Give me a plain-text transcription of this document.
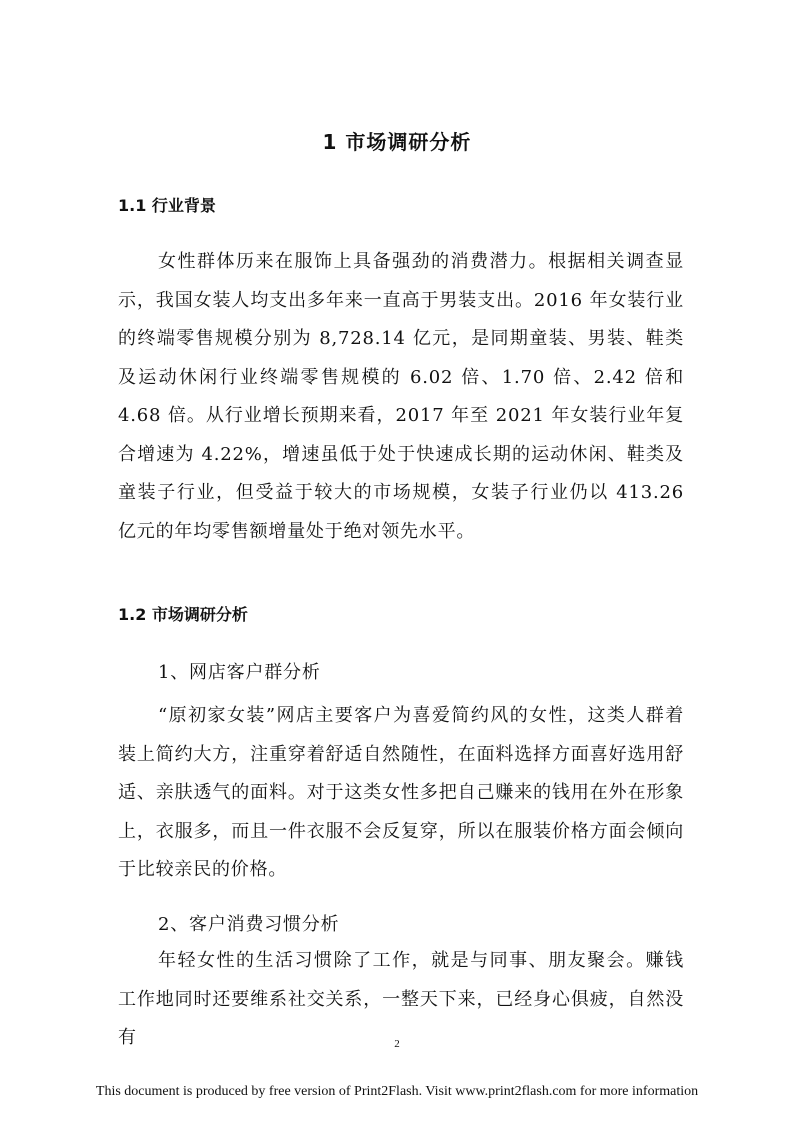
1 市场调研分析
1.1 行业背景

女性群体历来在服饰上具备强劲的消费潜力。根据相关调查显示，我国女装人均支出多年来一直高于男装支出。2016 年女装行业的终端零售规模分别为 8,728.14 亿元，是同期童装、男装、鞋类及运动休闲行业终端零售规模的 6.02 倍、1.70 倍、2.42 倍和 4.68 倍。从行业增长预期来看，2017 年至 2021 年女装行业年复合增速为 4.22%，增速虽低于处于快速成长期的运动休闲、鞋类及童装子行业，但受益于较大的市场规模，女装子行业仍以 413.26 亿元的年均零售额增量处于绝对领先水平。

1.2 市场调研分析

1、网店客户群分析

“原初家女装”网店主要客户为喜爱简约风的女性，这类人群着装上简约大方，注重穿着舒适自然随性，在面料选择方面喜好选用舒适、亲肤透气的面料。对于这类女性多把自己赚来的钱用在外在形象上，衣服多，而且一件衣服不会反复穿，所以在服装价格方面会倾向于比较亲民的价格。

2、客户消费习惯分析

年轻女性的生活习惯除了工作，就是与同事、朋友聚会。赚钱工作地同时还要维系社交关系，一整天下来，已经身心俱疲，自然没有	2
This document is produced by free version of Print2Flash. Visit www.print2flash.com for more information
